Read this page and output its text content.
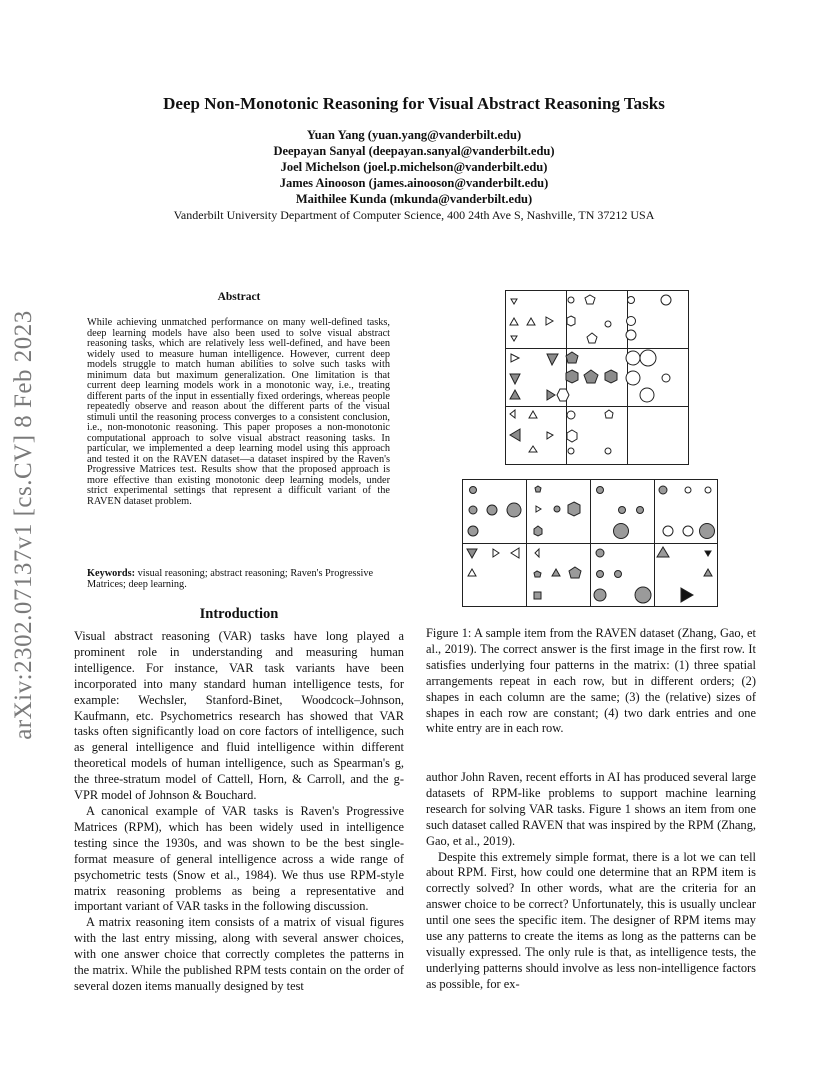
arXiv:2302.07137v1 [cs.CV] 8 Feb 2023
Deep Non-Monotonic Reasoning for Visual Abstract Reasoning Tasks
Yuan Yang (yuan.yang@vanderbilt.edu)
Deepayan Sanyal (deepayan.sanyal@vanderbilt.edu)
Joel Michelson (joel.p.michelson@vanderbilt.edu)
James Ainooson (james.ainooson@vanderbilt.edu)
Maithilee Kunda (mkunda@vanderbilt.edu)
Vanderbilt University Department of Computer Science, 400 24th Ave S, Nashville, TN 37212 USA
Abstract
While achieving unmatched performance on many well-defined tasks, deep learning models have also been used to solve visual abstract reasoning tasks, which are relatively less well-defined, and have been widely used to measure human intelligence. However, current deep models struggle to match human abilities to solve such tasks with minimum data but maximum generalization. One limitation is that current deep learning models work in a monotonic way, i.e., treating different parts of the input in essentially fixed orderings, whereas people repeatedly observe and reason about the different parts of the visual stimuli until the reasoning process converges to a consistent conclusion, i.e., non-monotonic reasoning. This paper proposes a non-monotonic computational approach to solve visual abstract reasoning tasks. In particular, we implemented a deep learning model using this approach and tested it on the RAVEN dataset—a dataset inspired by the Raven's Progressive Matrices test. Results show that the proposed approach is more effective than existing monotonic deep learning models, under strict experimental settings that represent a difficult variant of the RAVEN dataset problem.
Keywords: visual reasoning; abstract reasoning; Raven's Progressive Matrices; deep learning.
Introduction

Visual abstract reasoning (VAR) tasks have long played a prominent role in understanding and measuring human intelligence. For instance, VAR task variants have been incorporated into many standard human intelligence tests, for example: Wechsler, Stanford-Binet, Woodcock–Johnson, Kaufmann, etc. Psychometrics research has showed that VAR tasks often significantly load on core factors of intelligence, such as general intelligence and fluid intelligence within different theoretical models of human intelligence, such as Spearman's g, the three-stratum model of Cattell, Horn, & Carroll, and the g-VPR model of Johnson & Bouchard.

A canonical example of VAR tasks is Raven's Progressive Matrices (RPM), which has been widely used in intelligence testing since the 1930s, and was shown to be the best single-format measure of general intelligence across a wide range of psychometric tests (Snow et al., 1984). We thus use RPM-style matrix reasoning problems as being a representative and important variant of VAR tasks in the following discussion.

A matrix reasoning item consists of a matrix of visual figures with the last entry missing, along with several answer choices, with one answer choice that correctly completes the patterns in the matrix. While the published RPM tests contain on the order of several dozen items manually designed by test

Figure 1: A sample item from the RAVEN dataset (Zhang, Gao, et al., 2019). The correct answer is the first image in the first row. It satisfies underlying four patterns in the matrix: (1) three spatial arrangements repeat in each row, but in different orders; (2) shapes in each column are the same; (3) the (relative) sizes of shapes in each row are constant; (4) two dark entries and one white entry are in each row.

author John Raven, recent efforts in AI has produced several large datasets of RPM-like problems to support machine learning research for solving VAR tasks. Figure 1 shows an item from one such dataset called RAVEN that was inspired by the RPM (Zhang, Gao, et al., 2019).

Despite this extremely simple format, there is a lot we can tell about RPM. First, how could one determine that an RPM item is correctly solved? In other words, what are the criteria for an answer choice to be correct? Unfortunately, this is usually unclear until one sees the specific item. The designer of RPM items may use any patterns to create the items as long as the patterns can be visually expressed. The only rule is that, as intelligence tests, the underlying patterns should involve as less non-intelligence factors as possible, for ex-
